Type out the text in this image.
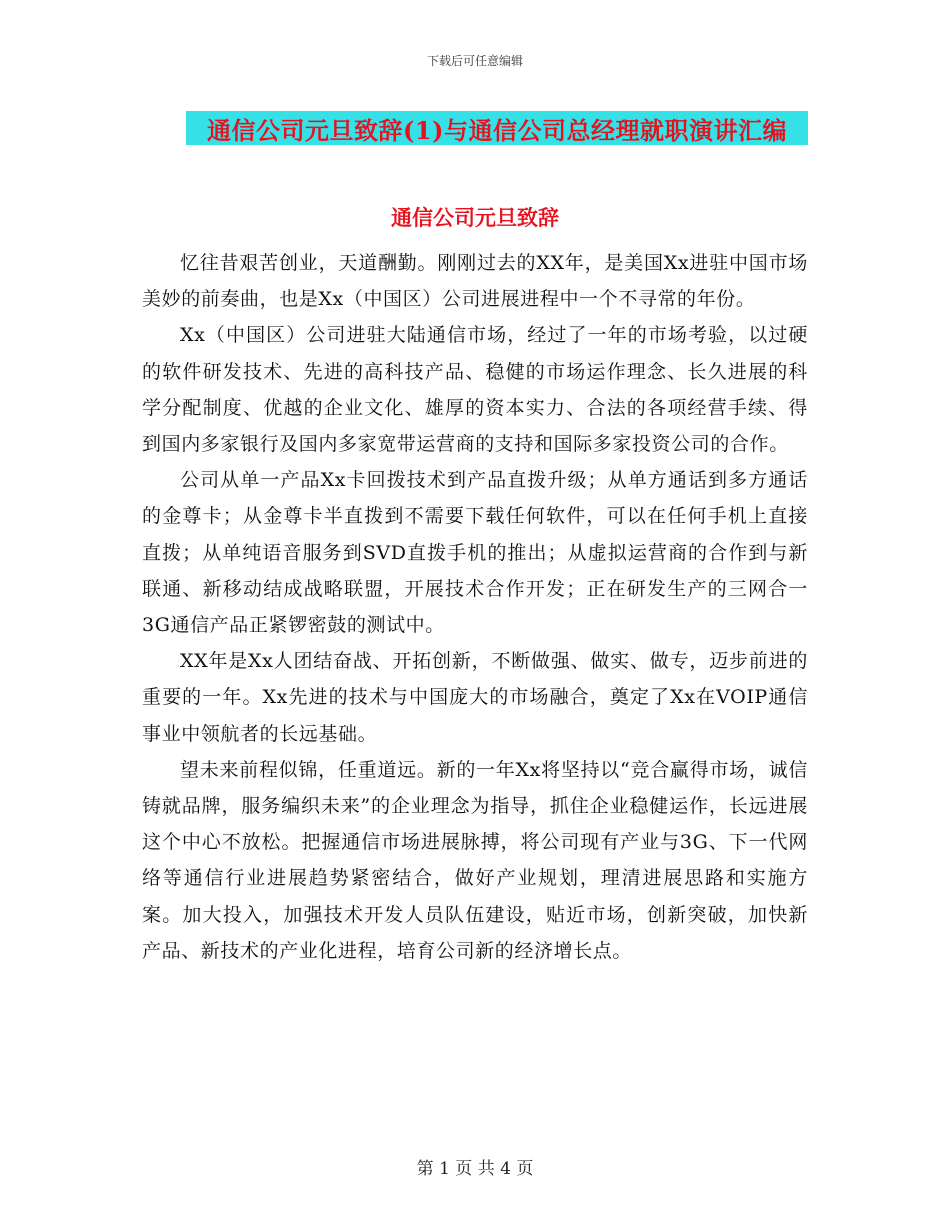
下载后可任意编辑
通信公司元旦致辞(1)与通信公司总经理就职演讲汇编
通信公司元旦致辞

忆往昔艰苦创业，天道酬勤。刚刚过去的XX年，是美国Xx进驻中国市场美妙的前奏曲，也是Xx（中国区）公司进展进程中一个不寻常的年份。

Xx（中国区）公司进驻大陆通信市场，经过了一年的市场考验，以过硬的软件研发技术、先进的高科技产品、稳健的市场运作理念、长久进展的科学分配制度、优越的企业文化、雄厚的资本实力、合法的各项经营手续、得到国内多家银行及国内多家宽带运营商的支持和国际多家投资公司的合作。

公司从单一产品Xx卡回拨技术到产品直拨升级；从单方通话到多方通话的金尊卡；从金尊卡半直拨到不需要下载任何软件，可以在任何手机上直接直拨；从单纯语音服务到SVD直拨手机的推出；从虚拟运营商的合作到与新联通、新移动结成战略联盟，开展技术合作开发；正在研发生产的三网合一3G通信产品正紧锣密鼓的测试中。

XX年是Xx人团结奋战、开拓创新，不断做强、做实、做专，迈步前进的重要的一年。Xx先进的技术与中国庞大的市场融合，奠定了Xx在VOIP通信事业中领航者的长远基础。

望未来前程似锦，任重道远。新的一年Xx将坚持以“竞合赢得市场，诚信铸就品牌，服务编织未来”的企业理念为指导，抓住企业稳健运作，长远进展这个中心不放松。把握通信市场进展脉搏，将公司现有产业与3G、下一代网络等通信行业进展趋势紧密结合，做好产业规划，理清进展思路和实施方案。加大投入，加强技术开发人员队伍建设，贴近市场，创新突破，加快新产品、新技术的产业化进程，培育公司新的经济增长点。

第 1 页 共 4 页
